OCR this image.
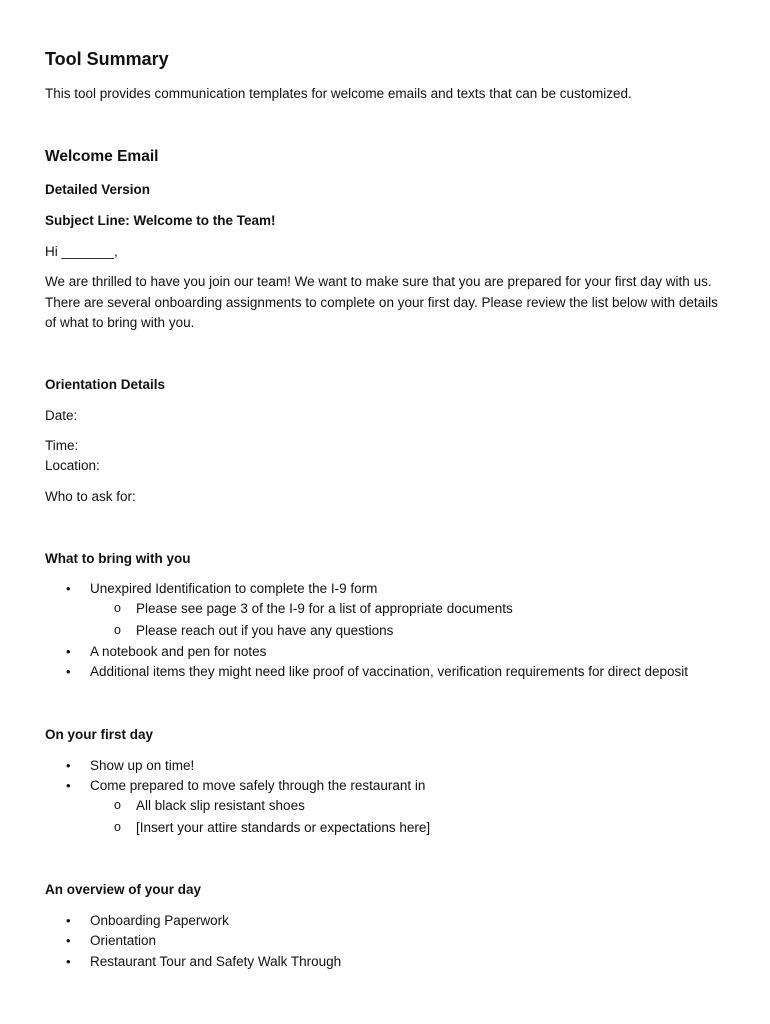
Tool Summary
This tool provides communication templates for welcome emails and texts that can be customized.
Welcome Email
Detailed Version
Subject Line: Welcome to the Team!
Hi _______,
We are thrilled to have you join our team! We want to make sure that you are prepared for your first day with us. There are several onboarding assignments to complete on your first day. Please review the list below with details of what to bring with you.
Orientation Details
Date:
Time:
Location:
Who to ask for:
What to bring with you
• Unexpired Identification to complete the I-9 form
o Please see page 3 of the I-9 for a list of appropriate documents
o Please reach out if you have any questions
• A notebook and pen for notes
• Additional items they might need like proof of vaccination, verification requirements for direct deposit
On your first day
• Show up on time!
• Come prepared to move safely through the restaurant in
o All black slip resistant shoes
o [Insert your attire standards or expectations here]
An overview of your day
• Onboarding Paperwork
• Orientation
• Restaurant Tour and Safety Walk Through
